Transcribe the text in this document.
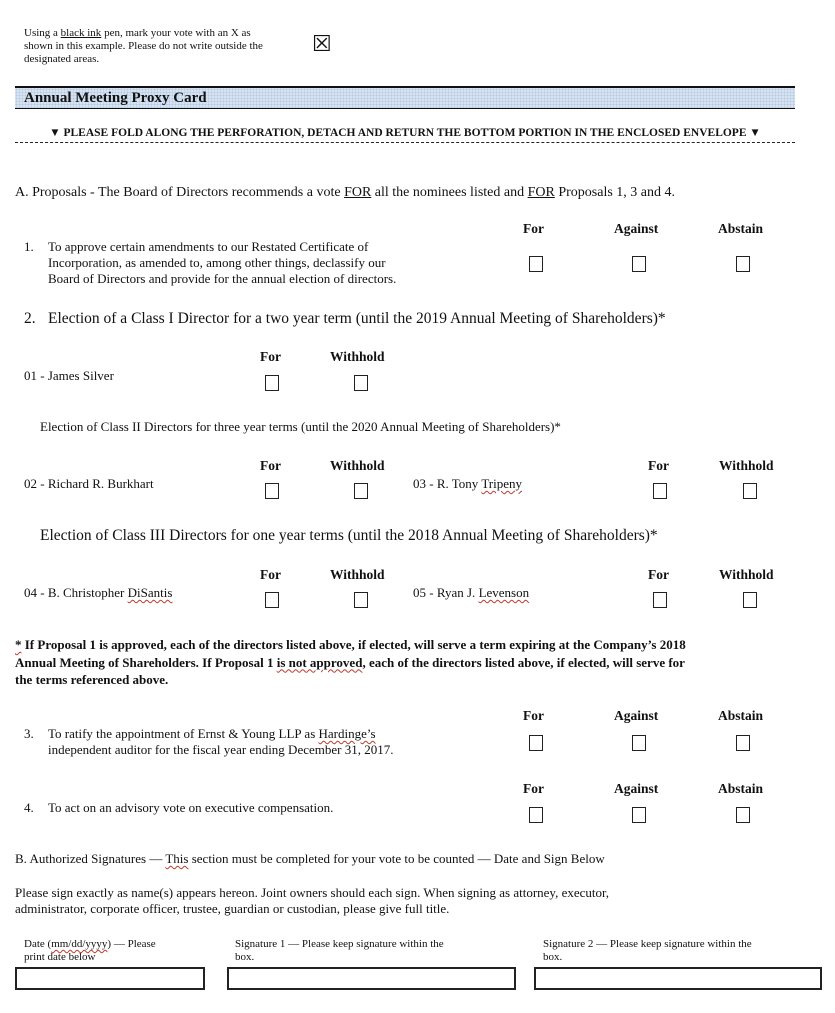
Using a black ink pen, mark your vote with an X as
shown in this example. Please do not write outside the
designated areas.
☒
Annual Meeting Proxy Card
▼ PLEASE FOLD ALONG THE PERFORATION, DETACH AND RETURN THE BOTTOM PORTION IN THE ENCLOSED ENVELOPE ▼
A. Proposals - The Board of Directors recommends a vote FOR all the nominees listed and FOR Proposals 1, 3 and 4.
For	Against	Abstain
1. To approve certain amendments to our Restated Certificate of
Incorporation, as amended to, among other things, declassify our
Board of Directors and provide for the annual election of directors.
2. Election of a Class I Director for a two year term (until the 2019 Annual Meeting of Shareholders)*
For	Withhold
01 - James Silver
Election of Class II Directors for three year terms (until the 2020 Annual Meeting of Shareholders)*
For	Withhold	For	Withhold
02 - Richard R. Burkhart	03 - R. Tony Tripeny
Election of Class III Directors for one year terms (until the 2018 Annual Meeting of Shareholders)*
For	Withhold	For	Withhold
04 - B. Christopher DiSantis	05 - Ryan J. Levenson
* If Proposal 1 is approved, each of the directors listed above, if elected, will serve a term expiring at the Company’s 2018
Annual Meeting of Shareholders. If Proposal 1 is not approved, each of the directors listed above, if elected, will serve for
the terms referenced above.
For	Against	Abstain
3. To ratify the appointment of Ernst & Young LLP as Hardinge’s
independent auditor for the fiscal year ending December 31, 2017.
For	Against	Abstain
4. To act on an advisory vote on executive compensation.
B. Authorized Signatures — This section must be completed for your vote to be counted — Date and Sign Below
Please sign exactly as name(s) appears hereon. Joint owners should each sign. When signing as attorney, executor,
administrator, corporate officer, trustee, guardian or custodian, please give full title.
Date (mm/dd/yyyy) — Please
print date below
Signature 1 — Please keep signature within the
box.
Signature 2 — Please keep signature within the
box.
